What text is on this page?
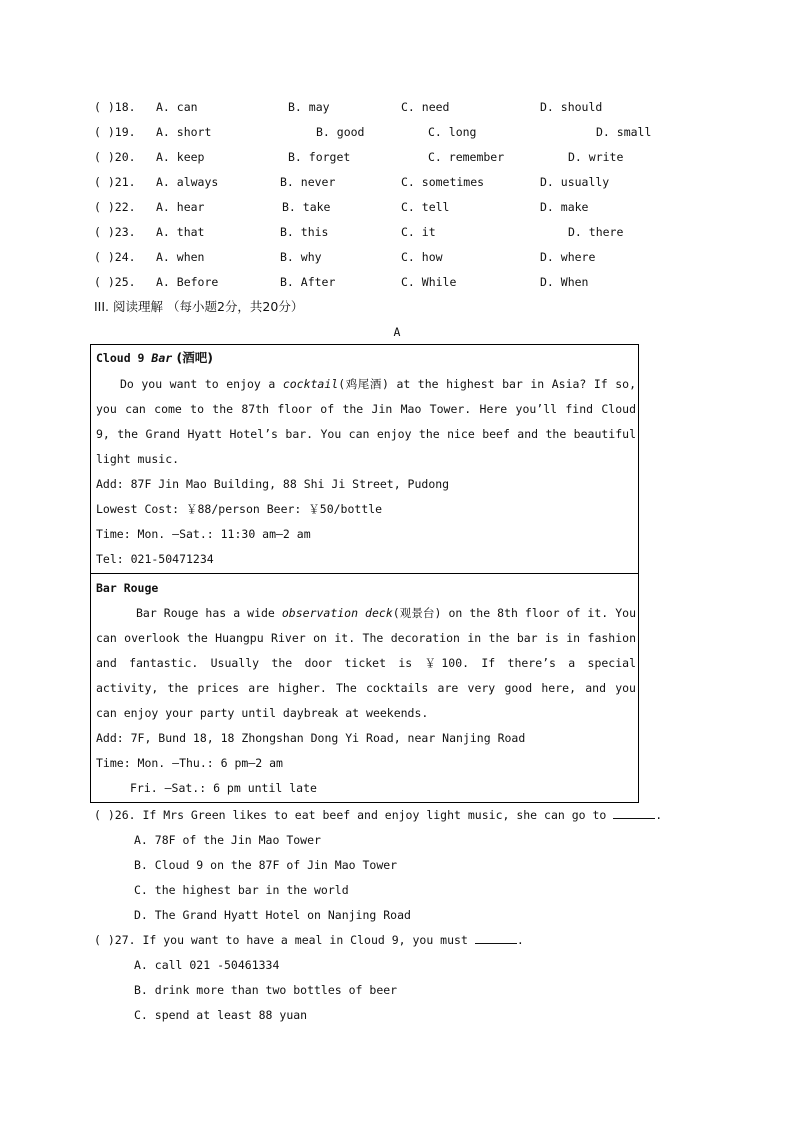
( )18. A. can	B. may	C. need	D. should
( )19. A. short	B. good	C. long	D. small
( )20. A. keep	B. forget	C. remember	D. write
( )21. A. always	B. never	C. sometimes	D. usually
( )22. A. hear	B. take	C. tell	D. make
( )23. A. that	B. this	C. it	D. there
( )24. A. when	B. why	C. how	D. where
( )25. A. Before	B. After	C. While	D. When
III. 阅读理解 （每小题2分，共20分）
A
Cloud 9 Bar (酒吧)
Do you want to enjoy a cocktail(鸡尾酒) at the highest bar in Asia? If so, you can come to the 87th floor of the Jin Mao Tower. Here you’ll find Cloud 9, the Grand Hyatt Hotel’s bar. You can enjoy the nice beef and the beautiful light music.
Add: 87F Jin Mao Building, 88 Shi Ji Street, Pudong
Lowest Cost: ￥88/person Beer: ￥50/bottle
Time: Mon. —Sat.: 11:30 am—2 am
Tel: 021-50471234
Bar Rouge
Bar Rouge has a wide observation deck(观景台) on the 8th floor of it. You can overlook the Huangpu River on it. The decoration in the bar is in fashion and fantastic. Usually the door ticket is ￥100. If there’s a special activity, the prices are higher. The cocktails are very good here, and you can enjoy your party until daybreak at weekends.
Add: 7F, Bund 18, 18 Zhongshan Dong Yi Road, near Nanjing Road
Time: Mon. —Thu.: 6 pm—2 am
Fri. —Sat.: 6 pm until late
( )26. If Mrs Green likes to eat beef and enjoy light music, she can go to	.
A. 78F of the Jin Mao Tower
B. Cloud 9 on the 87F of Jin Mao Tower
C. the highest bar in the world
D. The Grand Hyatt Hotel on Nanjing Road
( )27. If you want to have a meal in Cloud 9, you must	.
A. call 021 -50461334
B. drink more than two bottles of beer
C. spend at least 88 yuan
